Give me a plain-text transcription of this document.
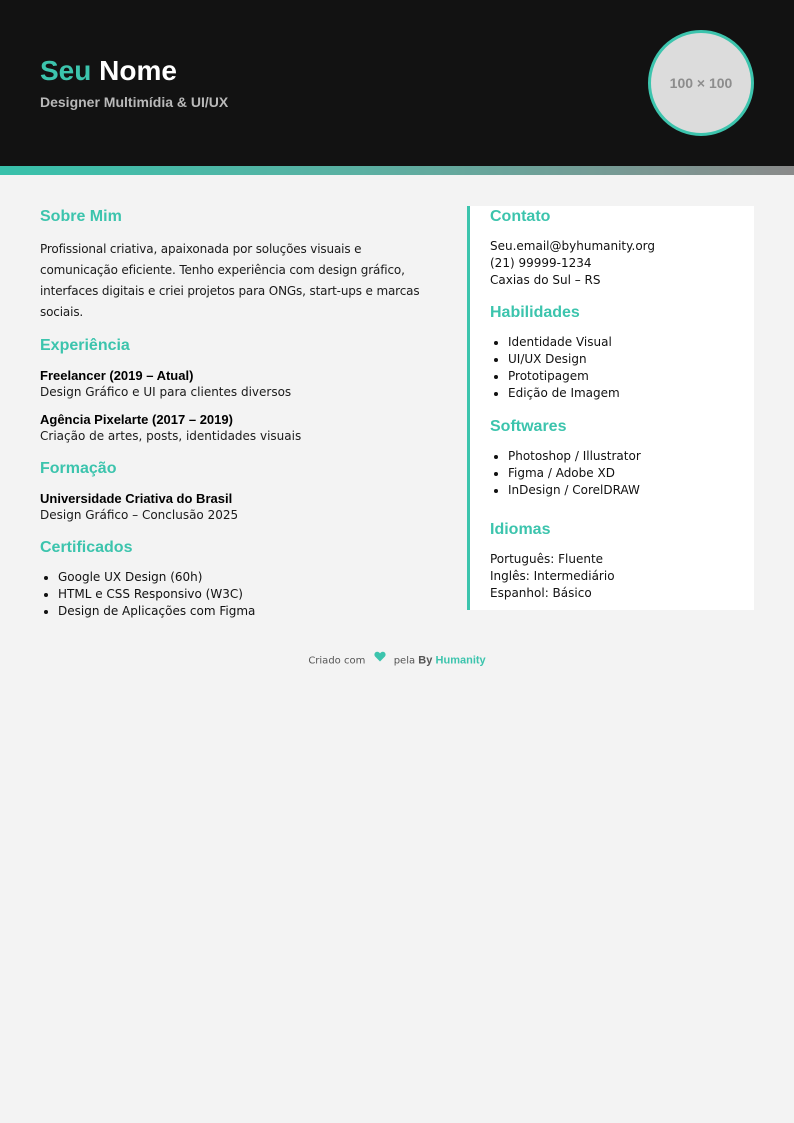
Seu Nome
Designer Multimídia & UI/UX
100 × 100
Sobre Mim

Profissional criativa, apaixonada por soluções visuais e comunicação eficiente. Tenho experiência com design gráfico, interfaces digitais e criei projetos para ONGs, start-ups e marcas sociais.

Experiência
Freelancer (2019 – Atual)
Design Gráfico e UI para clientes diversos
Agência Pixelarte (2017 – 2019)
Criação de artes, posts, identidades visuais
Formação
Universidade Criativa do Brasil
Design Gráfico – Conclusão 2025
Certificados
• Google UX Design (60h)
• HTML e CSS Responsivo (W3C)
• Design de Aplicações com Figma
Contato
Seu.email@byhumanity.org
(21) 99999-1234
Caxias do Sul – RS
Habilidades
• Identidade Visual
• UI/UX Design
• Prototipagem
• Edição de Imagem
Softwares
• Photoshop / Illustrator
• Figma / Adobe XD
• InDesign / CorelDRAW
Idiomas
Português: Fluente
Inglês: Intermediário
Espanhol: Básico
Criado com	pela By Humanity
